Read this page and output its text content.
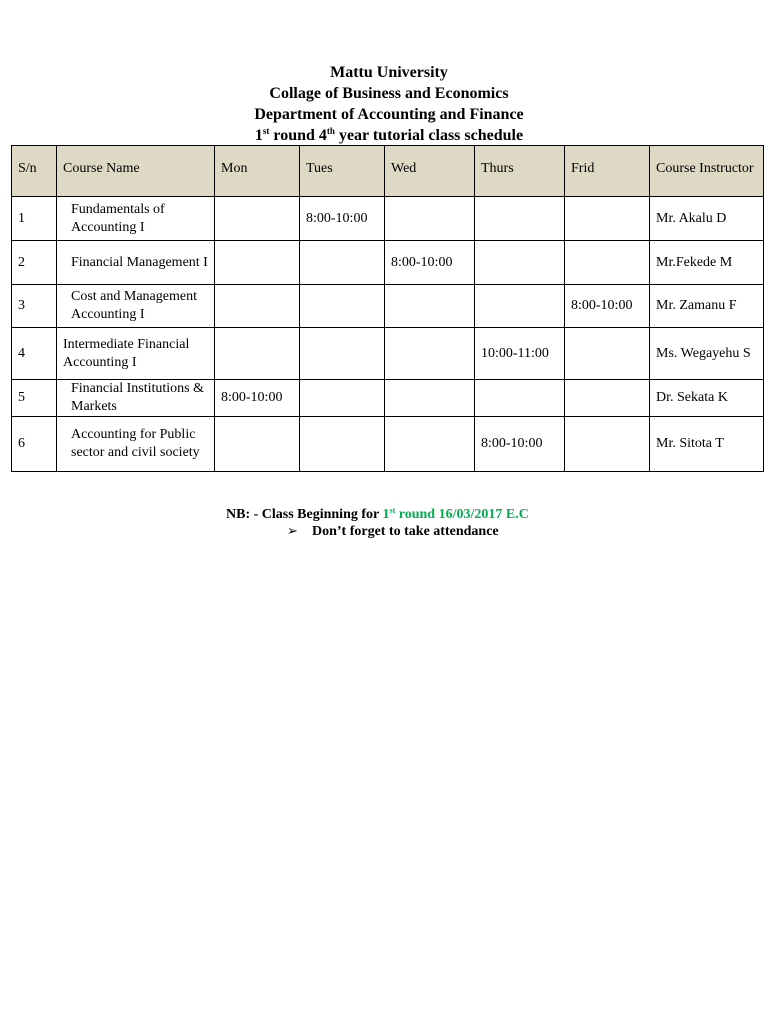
Mattu University
Collage of Business and Economics
Department of Accounting and Finance
1st round 4th year tutorial class schedule
S/n	Course Name	Mon	Tues	Wed	Thurs	Frid	Course Instructor
1	Fundamentals of Accounting I		8:00-10:00				Mr. Akalu D
2	Financial Management I			8:00-10:00			Mr.Fekede M
3	Cost and Management Accounting I					8:00-10:00	Mr. Zamanu F
4	Intermediate Financial Accounting I				10:00-11:00		Ms. Wegayehu S
5	Financial Institutions & Markets	8:00-10:00					Dr. Sekata K
6	Accounting for Public sector and civil society				8:00-10:00		Mr. Sitota T
NB: - Class Beginning for 1st round 16/03/2017 E.C
➢ Don’t forget to take attendance
